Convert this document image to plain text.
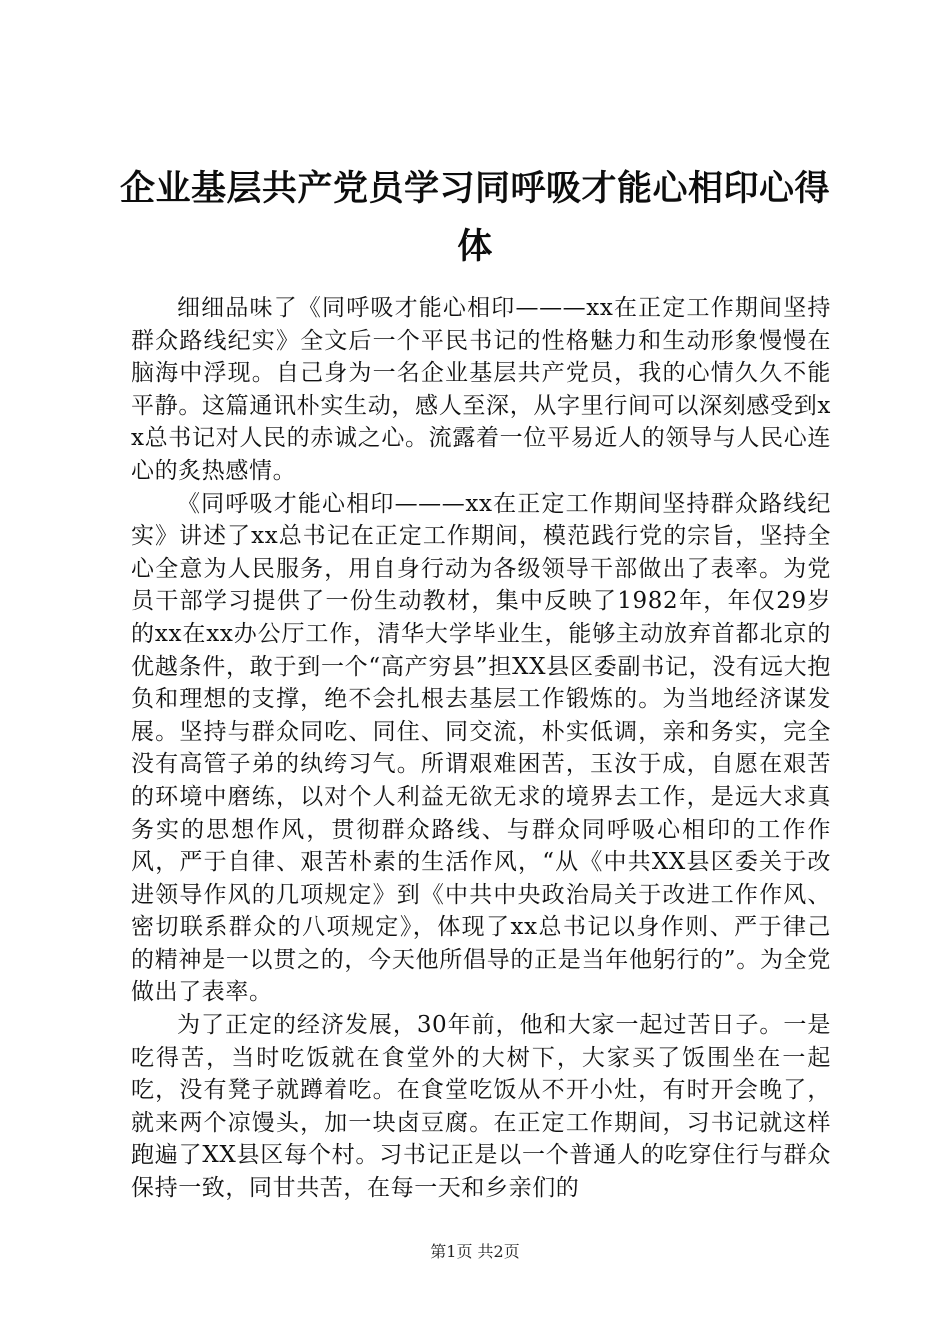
企业基层共产党员学习同呼吸才能心相印心得体

细细品味了《同呼吸才能心相印———xx在正定工作期间坚持群众路线纪实》全文后一个平民书记的性格魅力和生动形象慢慢在脑海中浮现。自己身为一名企业基层共产党员，我的心情久久不能平静。这篇通讯朴实生动，感人至深，从字里行间可以深刻感受到xx总书记对人民的赤诚之心。流露着一位平易近人的领导与人民心连心的炙热感情。

《同呼吸才能心相印———xx在正定工作期间坚持群众路线纪实》讲述了xx总书记在正定工作期间，模范践行党的宗旨，坚持全心全意为人民服务，用自身行动为各级领导干部做出了表率。为党员干部学习提供了一份生动教材，集中反映了1982年，年仅29岁的xx在xx办公厅工作，清华大学毕业生，能够主动放弃首都北京的优越条件，敢于到一个“高产穷县”担XX县区委副书记，没有远大抱负和理想的支撑，绝不会扎根去基层工作锻炼的。为当地经济谋发展。坚持与群众同吃、同住、同交流，朴实低调，亲和务实，完全没有高管子弟的纨绔习气。所谓艰难困苦，玉汝于成，自愿在艰苦的环境中磨练，以对个人利益无欲无求的境界去工作，是远大求真务实的思想作风，贯彻群众路线、与群众同呼吸心相印的工作作风，严于自律、艰苦朴素的生活作风，“从《中共XX县区委关于改进领导作风的几项规定》到《中共中央政治局关于改进工作作风、密切联系群众的八项规定》，体现了xx总书记以身作则、严于律己的精神是一以贯之的，今天他所倡导的正是当年他躬行的”。为全党做出了表率。

为了正定的经济发展，30年前，他和大家一起过苦日子。一是吃得苦，当时吃饭就在食堂外的大树下，大家买了饭围坐在一起吃，没有凳子就蹲着吃。在食堂吃饭从不开小灶，有时开会晚了，就来两个凉馒头，加一块卤豆腐。在正定工作期间，习书记就这样跑遍了XX县区每个村。习书记正是以一个普通人的吃穿住行与群众保持一致，同甘共苦，在每一天和乡亲们的

第1页 共2页
